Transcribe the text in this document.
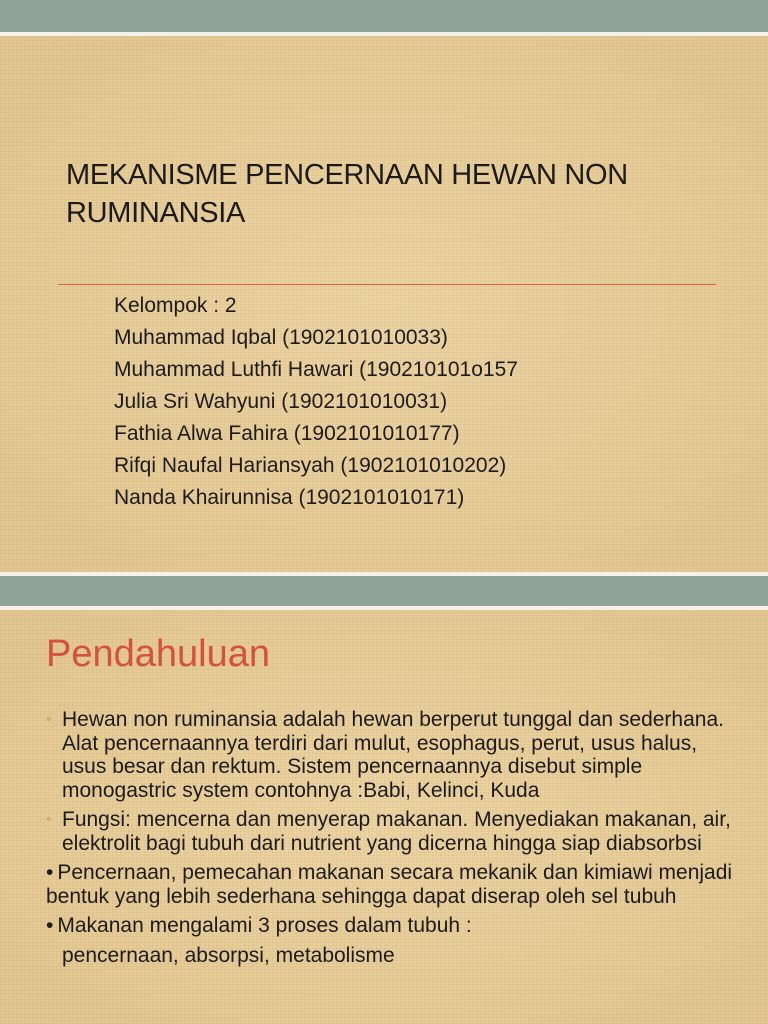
MEKANISME PENCERNAAN HEWAN NON RUMINANSIA
Kelompok : 2
Muhammad Iqbal (1902101010033)
Muhammad Luthfi Hawari (190210101o157
Julia Sri Wahyuni (1902101010031)
Fathia Alwa Fahira (1902101010177)
Rifqi Naufal Hariansyah (1902101010202)
Nanda Khairunnisa (1902101010171)
Pendahuluan
• Hewan non ruminansia adalah hewan berperut tunggal dan sederhana. Alat pencernaannya terdiri dari mulut, esophagus, perut, usus halus, usus besar dan rektum. Sistem pencernaannya disebut simple monogastric system contohnya :Babi, Kelinci, Kuda
• Fungsi: mencerna dan menyerap makanan. Menyediakan makanan, air, elektrolit bagi tubuh dari nutrient yang dicerna hingga siap diabsorbsi
• Pencernaan, pemecahan makanan secara mekanik dan kimiawi menjadi bentuk yang lebih sederhana sehingga dapat diserap oleh sel tubuh
• Makanan mengalami 3 proses dalam tubuh :
pencernaan, absorpsi, metabolisme
